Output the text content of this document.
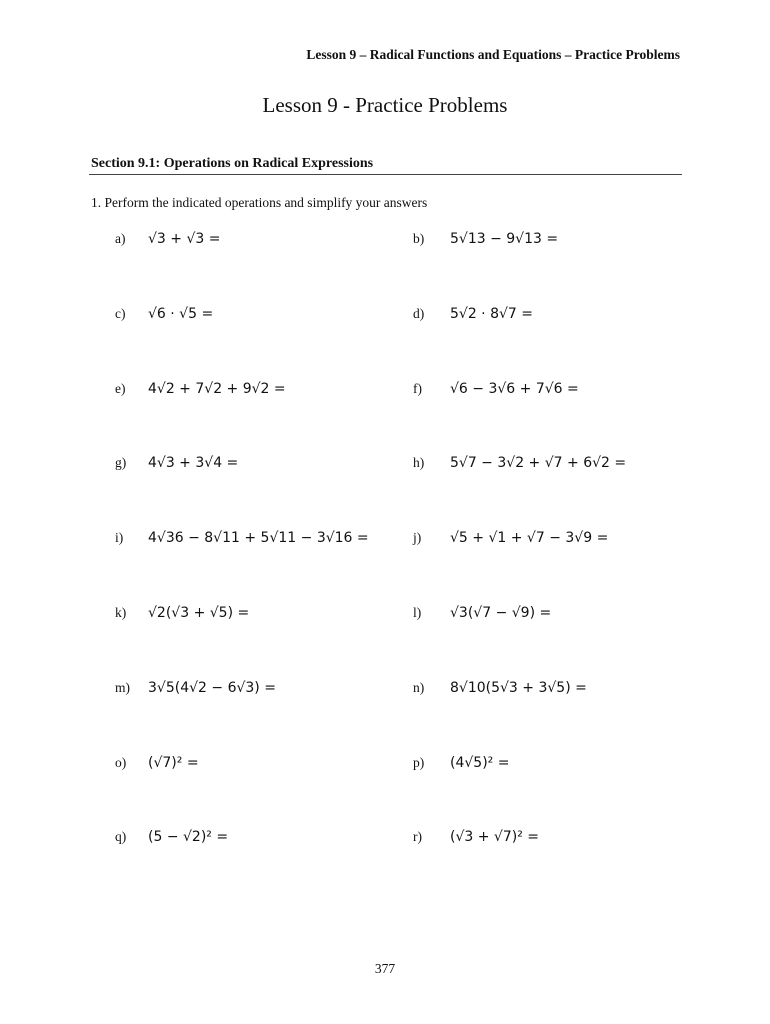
Lesson 9 – Radical Functions and Equations – Practice Problems
Lesson 9 - Practice Problems
Section 9.1: Operations on Radical Expressions
1. Perform the indicated operations and simplify your answers
a) √3 + √3 =	b) 5√13 − 9√13 =
c) √6 · √5 =	d) 5√2 · 8√7 =
e) 4√2 + 7√2 + 9√2 =	f) √6 − 3√6 + 7√6 =
g) 4√3 + 3√4 =	h) 5√7 − 3√2 + √7 + 6√2 =
i) 4√36 − 8√11 + 5√11 − 3√16 =	j) √5 + √1 + √7 − 3√9 =
k) √2(√3 + √5) =	l) √3(√7 − √9) =
m) 3√5(4√2 − 6√3) =	n) 8√10(5√3 + 3√5) =
o) (√7)² =	p) (4√5)² =
q) (5 − √2)² =	r) (√3 + √7)² =
377
